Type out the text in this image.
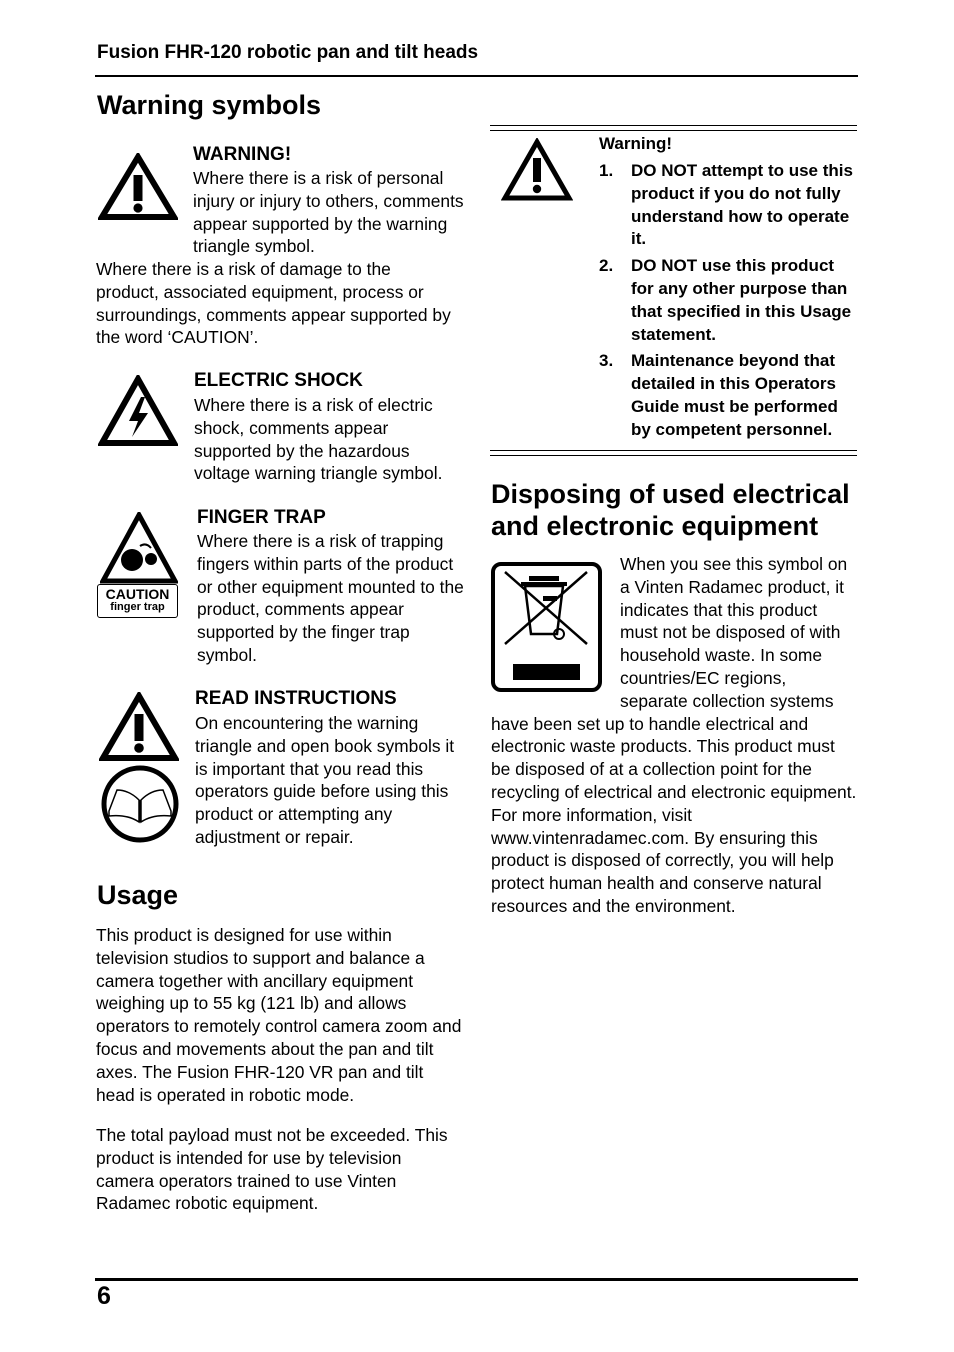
Fusion FHR-120 robotic pan and tilt heads
Warning symbols
WARNING!
Where there is a risk of personal injury or injury to others, comments appear supported by the warning triangle symbol.
Where there is a risk of damage to the product, associated equipment, process or surroundings, comments appear supported by the word ‘CAUTION’.
ELECTRIC SHOCK
Where there is a risk of electric shock, comments appear supported by the hazardous voltage warning triangle symbol.
CAUTION
finger trap
FINGER TRAP
Where there is a risk of trapping fingers within parts of the product or other equipment mounted to the product, comments appear supported by the finger trap symbol.
READ INSTRUCTIONS
On encountering the warning triangle and open book symbols it is important that you read this operators guide before using this product or attempting any adjustment or repair.
Usage
This product is designed for use within television studios to support and balance a camera together with ancillary equipment weighing up to 55 kg (121 lb) and allows operators to remotely control camera zoom and focus and movements about the pan and tilt axes. The Fusion FHR-120 VR pan and tilt head is operated in robotic mode.
The total payload must not be exceeded. This product is intended for use by television camera operators trained to use Vinten Radamec robotic equipment.
Warning!
1.	DO NOT attempt to use this product if you do not fully understand how to operate it.
2.	DO NOT use this product for any other purpose than that specified in this Usage statement.
3.	Maintenance beyond that detailed in this Operators Guide must be performed by competent personnel.
Disposing of used electrical and electronic equipment

When you see this symbol on a Vinten Radamec product, it indicates that this product must not be disposed of with household waste. In some countries/EC regions, separate collection systems

6
have been set up to handle electrical and electronic waste products. This product must be disposed of at a collection point for the recycling of electrical and electronic equipment. For more information, visit www.vintenradamec.com. By ensuring this product is disposed of correctly, you will help protect human health and conserve natural resources and the environment.
